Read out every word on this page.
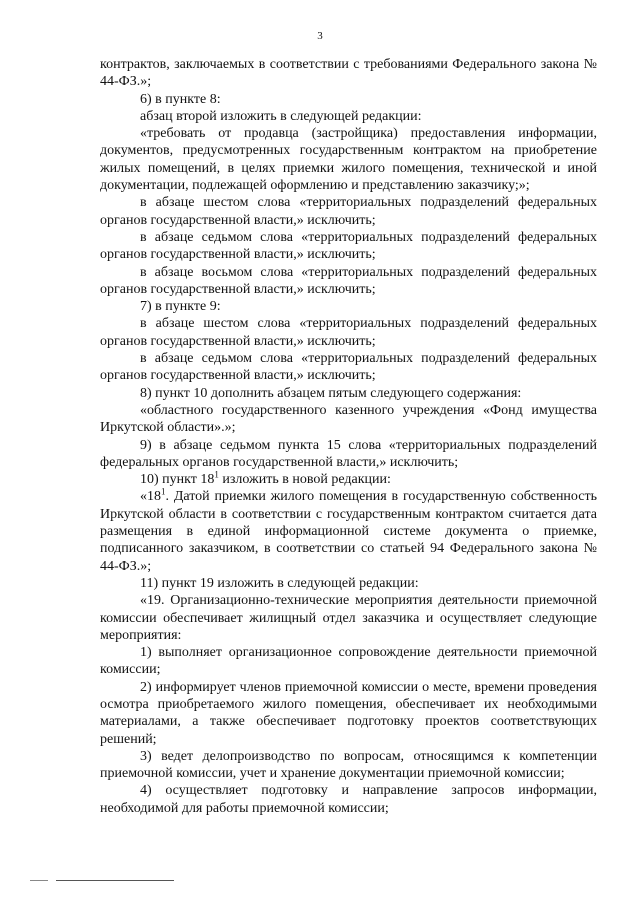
3

контрактов, заключаемых в соответствии с требованиями Федерального закона № 44-ФЗ.»;

6) в пункте 8:

абзац второй изложить в следующей редакции:

«требовать от продавца (застройщика) предоставления информации, документов, предусмотренных государственным контрактом на приобретение жилых помещений, в целях приемки жилого помещения, технической и иной документации, подлежащей оформлению и представлению заказчику;»;

в абзаце шестом слова «территориальных подразделений федеральных органов государственной власти,» исключить;

в абзаце седьмом слова «территориальных подразделений федеральных органов государственной власти,» исключить;

в абзаце восьмом слова «территориальных подразделений федеральных органов государственной власти,» исключить;

7) в пункте 9:

в абзаце шестом слова «территориальных подразделений федеральных органов государственной власти,» исключить;

в абзаце седьмом слова «территориальных подразделений федеральных органов государственной власти,» исключить;

8) пункт 10 дополнить абзацем пятым следующего содержания:

«областного государственного казенного учреждения «Фонд имущества Иркутской области».»;

9) в абзаце седьмом пункта 15 слова «территориальных подразделений федеральных органов государственной власти,» исключить;

10) пункт $18^1$ изложить в новой редакции:

«$18^1$. Датой приемки жилого помещения в государственную собственность Иркутской области в соответствии с государственным контрактом считается дата размещения в единой информационной системе документа о приемке, подписанного заказчиком, в соответствии со статьей 94 Федерального закона № 44-ФЗ.»;

11) пункт 19 изложить в следующей редакции:

«19. Организационно-технические мероприятия деятельности приемочной комиссии обеспечивает жилищный отдел заказчика и осуществляет следующие мероприятия:

1) выполняет организационное сопровождение деятельности приемочной комиссии;

2) информирует членов приемочной комиссии о месте, времени проведения осмотра приобретаемого жилого помещения, обеспечивает их необходимыми материалами, а также обеспечивает подготовку проектов соответствующих решений;

3) ведет делопроизводство по вопросам, относящимся к компетенции приемочной комиссии, учет и хранение документации приемочной комиссии;

4) осуществляет подготовку и направление запросов информации, необходимой для работы приемочной комиссии;
